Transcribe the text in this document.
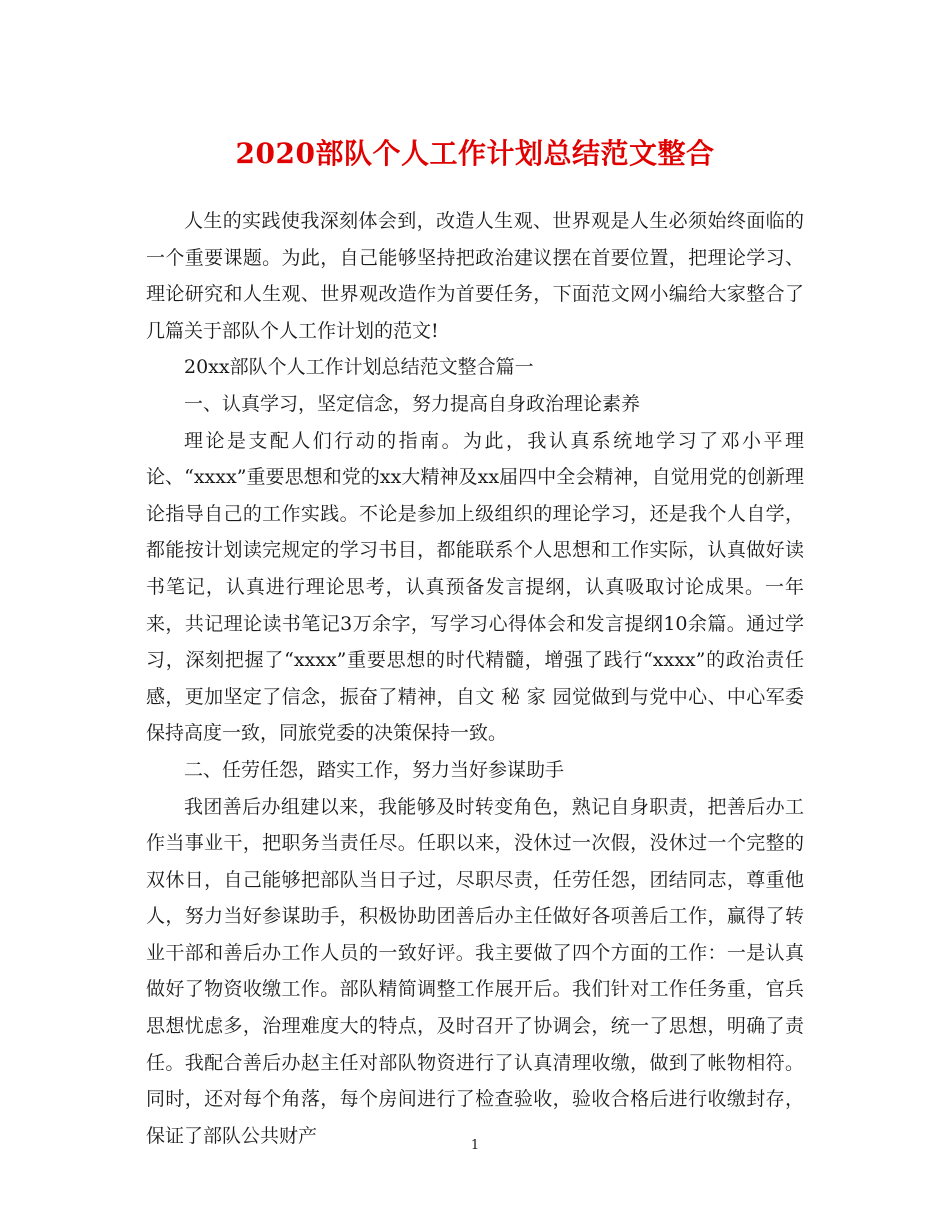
2020部队个人工作计划总结范文整合

人生的实践使我深刻体会到，改造人生观、世界观是人生必须始终面临的一个重要课题。为此，自己能够坚持把政治建议摆在首要位置，把理论学习、理论研究和人生观、世界观改造作为首要任务，下面范文网小编给大家整合了几篇关于部队个人工作计划的范文!

20xx部队个人工作计划总结范文整合篇一

一、认真学习，坚定信念，努力提高自身政治理论素养

理论是支配人们行动的指南。为此，我认真系统地学习了邓小平理论、“xxxx”重要思想和党的xx大精神及xx届四中全会精神，自觉用党的创新理论指导自己的工作实践。不论是参加上级组织的理论学习，还是我个人自学，都能按计划读完规定的学习书目，都能联系个人思想和工作实际，认真做好读书笔记，认真进行理论思考，认真预备发言提纲，认真吸取讨论成果。一年来，共记理论读书笔记3万余字，写学习心得体会和发言提纲10余篇。通过学习，深刻把握了“xxxx”重要思想的时代精髓，增强了践行“xxxx”的政治责任感，更加坚定了信念，振奋了精神，自文 秘 家 园觉做到与党中心、中心军委保持高度一致，同旅党委的决策保持一致。

二、任劳任怨，踏实工作，努力当好参谋助手

我团善后办组建以来，我能够及时转变角色，熟记自身职责，把善后办工作当事业干，把职务当责任尽。任职以来，没休过一次假，没休过一个完整的双休日，自己能够把部队当日子过，尽职尽责，任劳任怨，团结同志，尊重他人，努力当好参谋助手，积极协助团善后办主任做好各项善后工作，赢得了转业干部和善后办工作人员的一致好评。我主要做了四个方面的工作：一是认真做好了物资收缴工作。部队精简调整工作展开后。我们针对工作任务重，官兵思想忧虑多，治理难度大的特点，及时召开了协调会，统一了思想，明确了责任。我配合善后办赵主任对部队物资进行了认真清理收缴，做到了帐物相符。同时，还对每个角落，每个房间进行了检查验收，验收合格后进行收缴封存，保证了部队公共财产	1
